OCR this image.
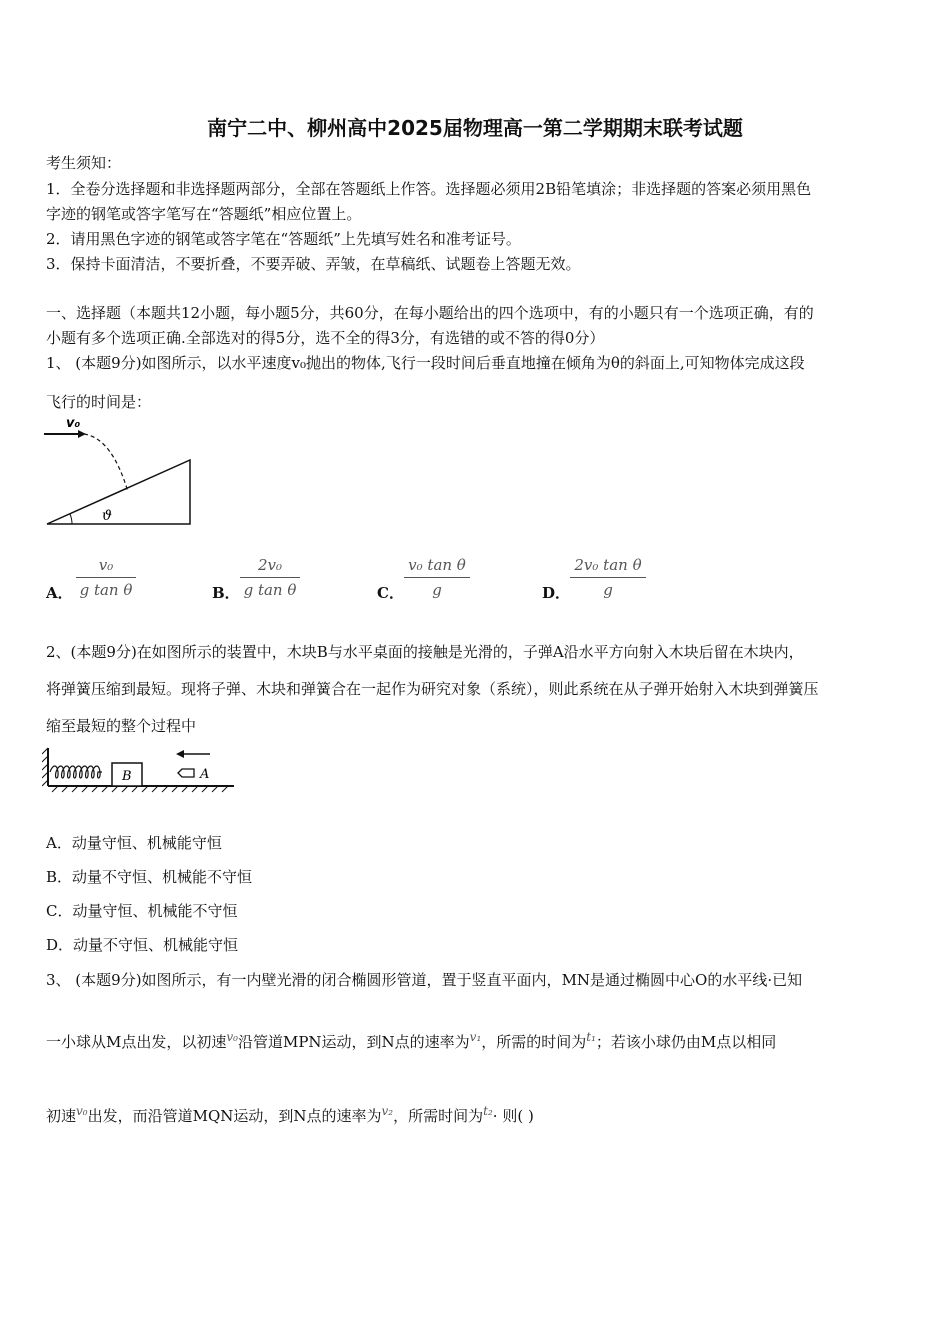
南宁二中、柳州高中2025届物理高一第二学期期末联考试题
考生须知：
1．全卷分选择题和非选择题两部分，全部在答题纸上作答。选择题必须用2B铅笔填涂；非选择题的答案必须用黑色
字迹的钢笔或答字笔写在“答题纸”相应位置上。
2．请用黑色字迹的钢笔或答字笔在“答题纸”上先填写姓名和准考证号。
3．保持卡面清洁，不要折叠，不要弄破、弄皱，在草稿纸、试题卷上答题无效。
一、选择题（本题共12小题，每小题5分，共60分，在每小题给出的四个选项中，有的小题只有一个选项正确，有的
小题有多个选项正确.全部选对的得5分，选不全的得3分，有选错的或不答的得0分）
1、 (本题9分)如图所示，以水平速度v₀抛出的物体,飞行一段时间后垂直地撞在倾角为θ的斜面上,可知物体完成这段
飞行的时间是：
v₀
ϑ
A． $\frac{\text{v₀}}{\text{g tan θ}}$	B． $\frac{\text{2v₀}}{\text{g tan θ}}$	C． $\frac{\text{v₀ tan θ}}{g}$	D． $\frac{\text{2v₀ tan θ}}{g}$
2、(本题9分)在如图所示的装置中，木块B与水平桌面的接触是光滑的，子弹A沿水平方向射入木块后留在木块内，
将弹簧压缩到最短。现将子弹、木块和弹簧合在一起作为研究对象（系统），则此系统在从子弹开始射入木块到弹簧压
缩至最短的整个过程中
B	A
A．动量守恒、机械能守恒
B．动量不守恒、机械能不守恒
C．动量守恒、机械能不守恒
D．动量不守恒、机械能守恒
3、 (本题9分)如图所示，有一内壁光滑的闭合椭圆形管道，置于竖直平面内，MN是通过椭圆中心O的水平线·已知
一小球从M点出发，以初速$^{v_0}$沿管道MPN运动，到N点的速率为$^{v_1}$，所需的时间为$^{t_1}$；若该小球仍由M点以相同
初速$^{v_0}$出发，而沿管道MQN运动，到N点的速率为$^{v_2}$，所需时间为$^{t_2}$· 则( )
